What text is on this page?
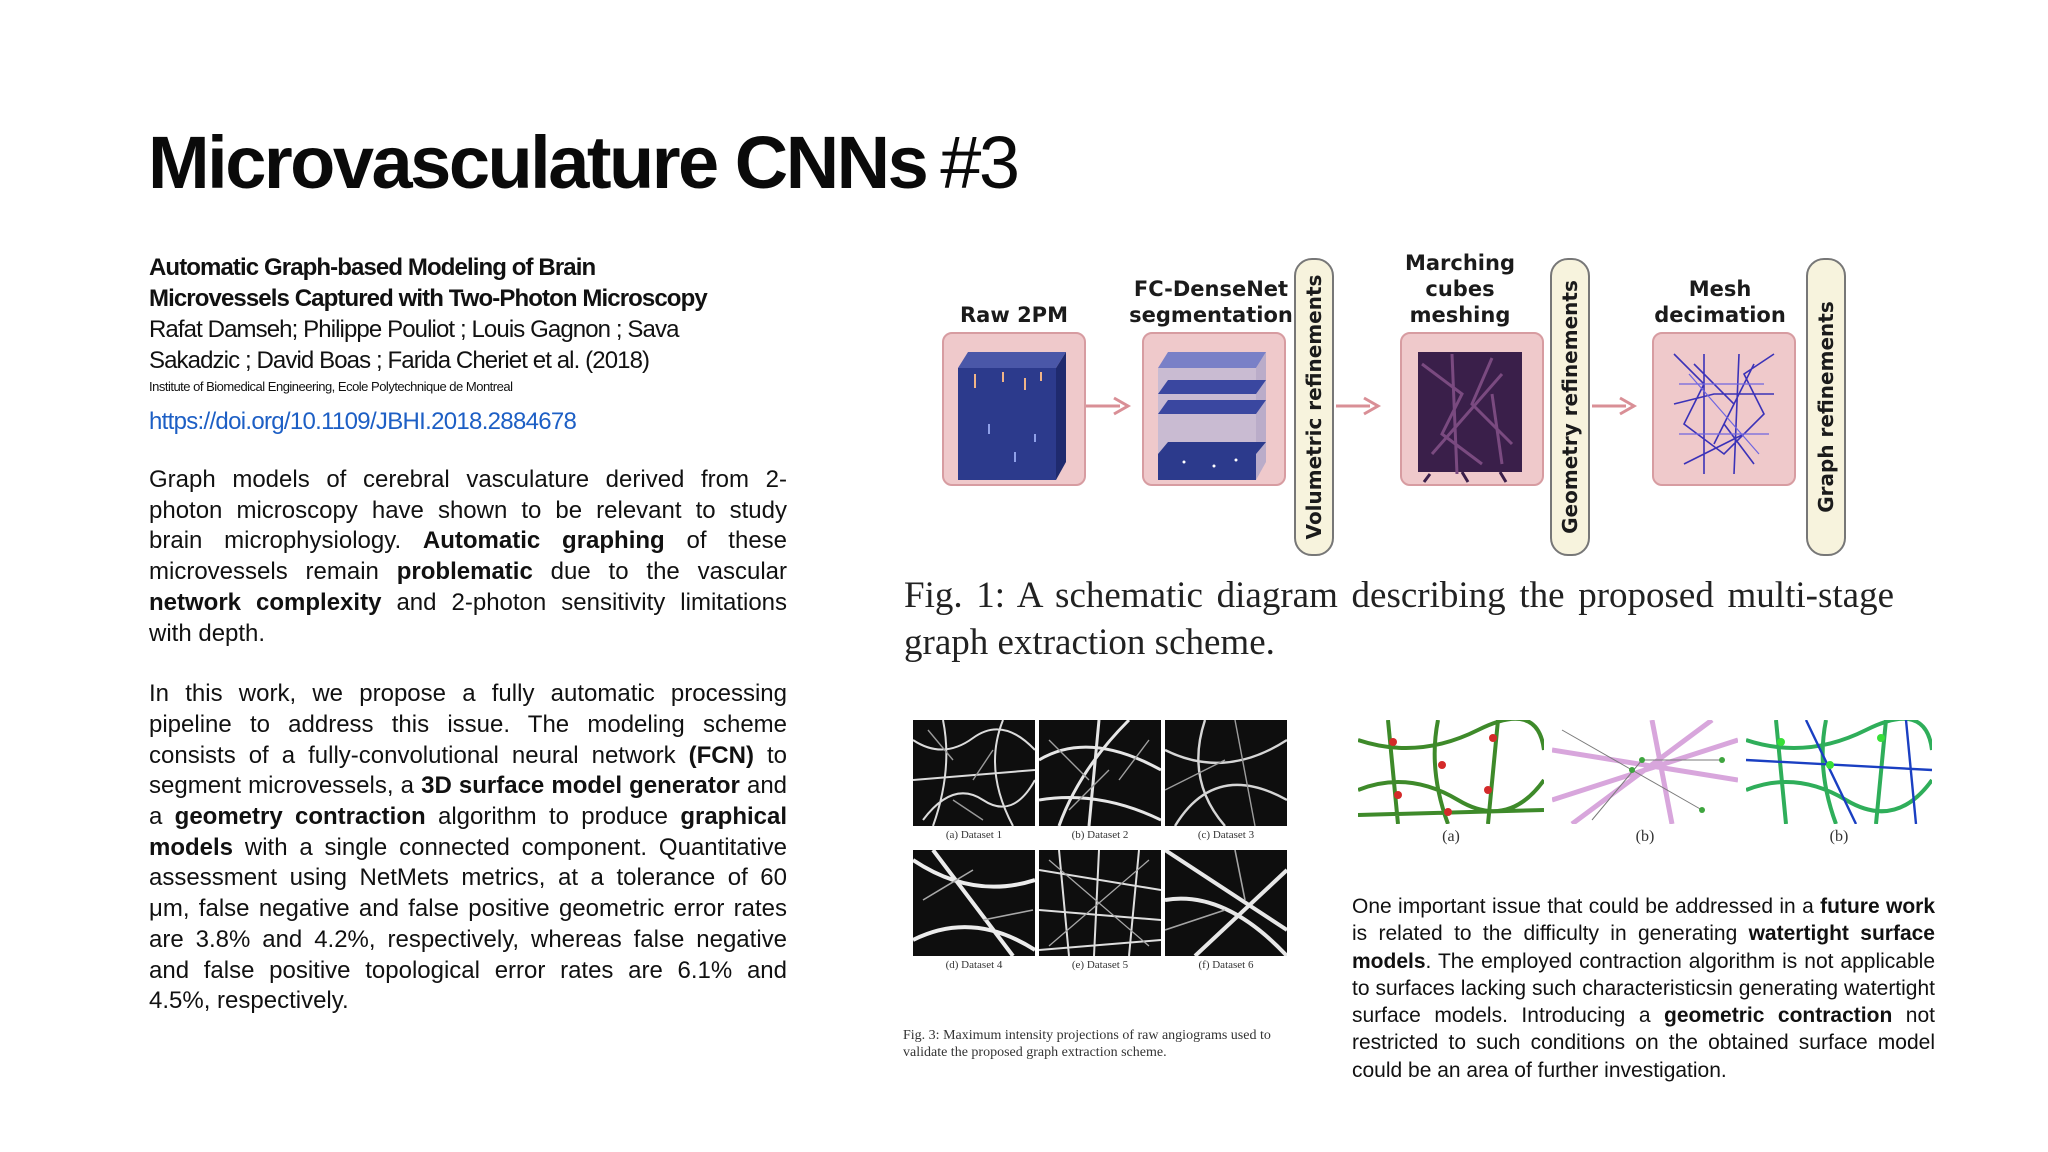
Microvasculature CNNs #3
Automatic Graph-based Modeling of Brain
Microvessels Captured with Two-Photon Microscopy
Rafat Damseh; Philippe Pouliot ; Louis Gagnon ; Sava
Sakadzic ; David Boas ; Farida Cheriet et al. (2018)
Institute of Biomedical Engineering, Ecole Polytechnique de Montreal
https://doi.org/10.1109/JBHI.2018.2884678

Graph models of cerebral vasculature derived from 2-photon microscopy have shown to be relevant to study brain microphysiology. Automatic graphing of these microvessels remain problematic due to the vascular network complexity and 2-photon sensitivity limitations with depth.

In this work, we propose a fully automatic processing pipeline to address this issue. The modeling scheme consists of a fully-convolutional neural network (FCN) to segment microvessels, a 3D surface model generator and a geometry contraction algorithm to produce graphical models with a single connected component. Quantitative assessment using NetMets metrics, at a tolerance of 60 μm, false negative and false positive geometric error rates are 3.8% and 4.2%, respectively, whereas false negative and false positive topological error rates are 6.1% and 4.5%, respectively.

Raw 2PM
FC-DenseNet
segmentation
Marching
cubes
meshing
Mesh
decimation
Volumetric refinements	Geometry refinements	Graph refinements
Fig. 1: A schematic diagram describing the proposed multi-stage graph extraction scheme.
(a) Dataset 1	(b) Dataset 2	(c) Dataset 3
(d) Dataset 4	(e) Dataset 5	(f) Dataset 6
Fig. 3: Maximum intensity projections of raw angiograms used to validate the proposed graph extraction scheme.
(a)	(b)	(b)

One important issue that could be addressed in a future work is related to the difficulty in generating watertight surface models. The employed contraction algorithm is not applicable to surfaces lacking such characteristicsin generating watertight surface models. Introducing a geometric contraction not restricted to such conditions on the obtained surface model could be an area of further investigation.
